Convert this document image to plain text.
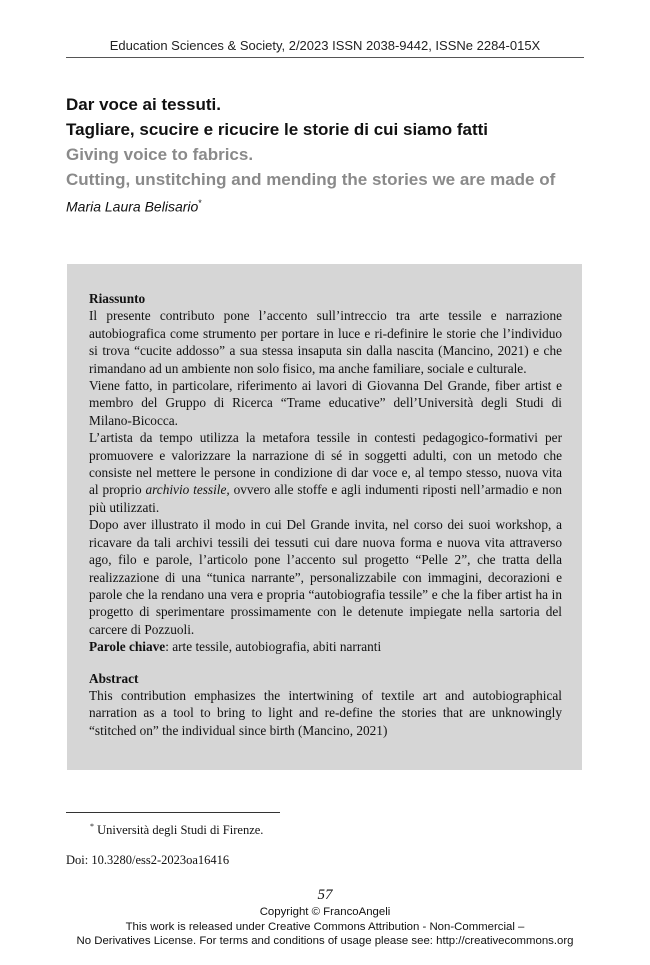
Education Sciences & Society, 2/2023 ISSN 2038-9442, ISSNe 2284-015X
Dar voce ai tessuti.
Tagliare, scucire e ricucire le storie di cui siamo fatti
Giving voice to fabrics.
Cutting, unstitching and mending the stories we are made of
Maria Laura Belisario*

Riassunto

Il presente contributo pone l’accento sull’intreccio tra arte tessile e narrazione autobiografica come strumento per portare in luce e ri-definire le storie che l’individuo si trova “cucite addosso” a sua stessa insaputa sin dalla nascita (Mancino, 2021) e che rimandano ad un ambiente non solo fisico, ma anche familiare, sociale e culturale.

Viene fatto, in particolare, riferimento ai lavori di Giovanna Del Grande, fiber artist e membro del Gruppo di Ricerca “Trame educative” dell’Università degli Studi di Milano-Bicocca.

L’artista da tempo utilizza la metafora tessile in contesti pedagogico-formativi per promuovere e valorizzare la narrazione di sé in soggetti adulti, con un metodo che consiste nel mettere le persone in condizione di dar voce e, al tempo stesso, nuova vita al proprio archivio tessile, ovvero alle stoffe e agli indumenti riposti nell’armadio e non più utilizzati.

Dopo aver illustrato il modo in cui Del Grande invita, nel corso dei suoi workshop, a ricavare da tali archivi tessili dei tessuti cui dare nuova forma e nuova vita attraverso ago, filo e parole, l’articolo pone l’accento sul progetto “Pelle 2”, che tratta della realizzazione di una “tunica narrante”, personalizzabile con immagini, decorazioni e parole che la rendano una vera e propria “autobiografia tessile” e che la fiber artist ha in progetto di sperimentare prossimamente con le detenute impiegate nella sartoria del carcere di Pozzuoli.

Parole chiave: arte tessile, autobiografia, abiti narranti

Abstract

This contribution emphasizes the intertwining of textile art and autobiographical narration as a tool to bring to light and re-define the stories that are unknowingly “stitched on” the individual since birth (Mancino, 2021)

* Università degli Studi di Firenze.
Doi: 10.3280/ess2-2023oa16416
57
Copyright © FrancoAngeli
This work is released under Creative Commons Attribution - Non-Commercial –
No Derivatives License. For terms and conditions of usage please see: http://creativecommons.org
